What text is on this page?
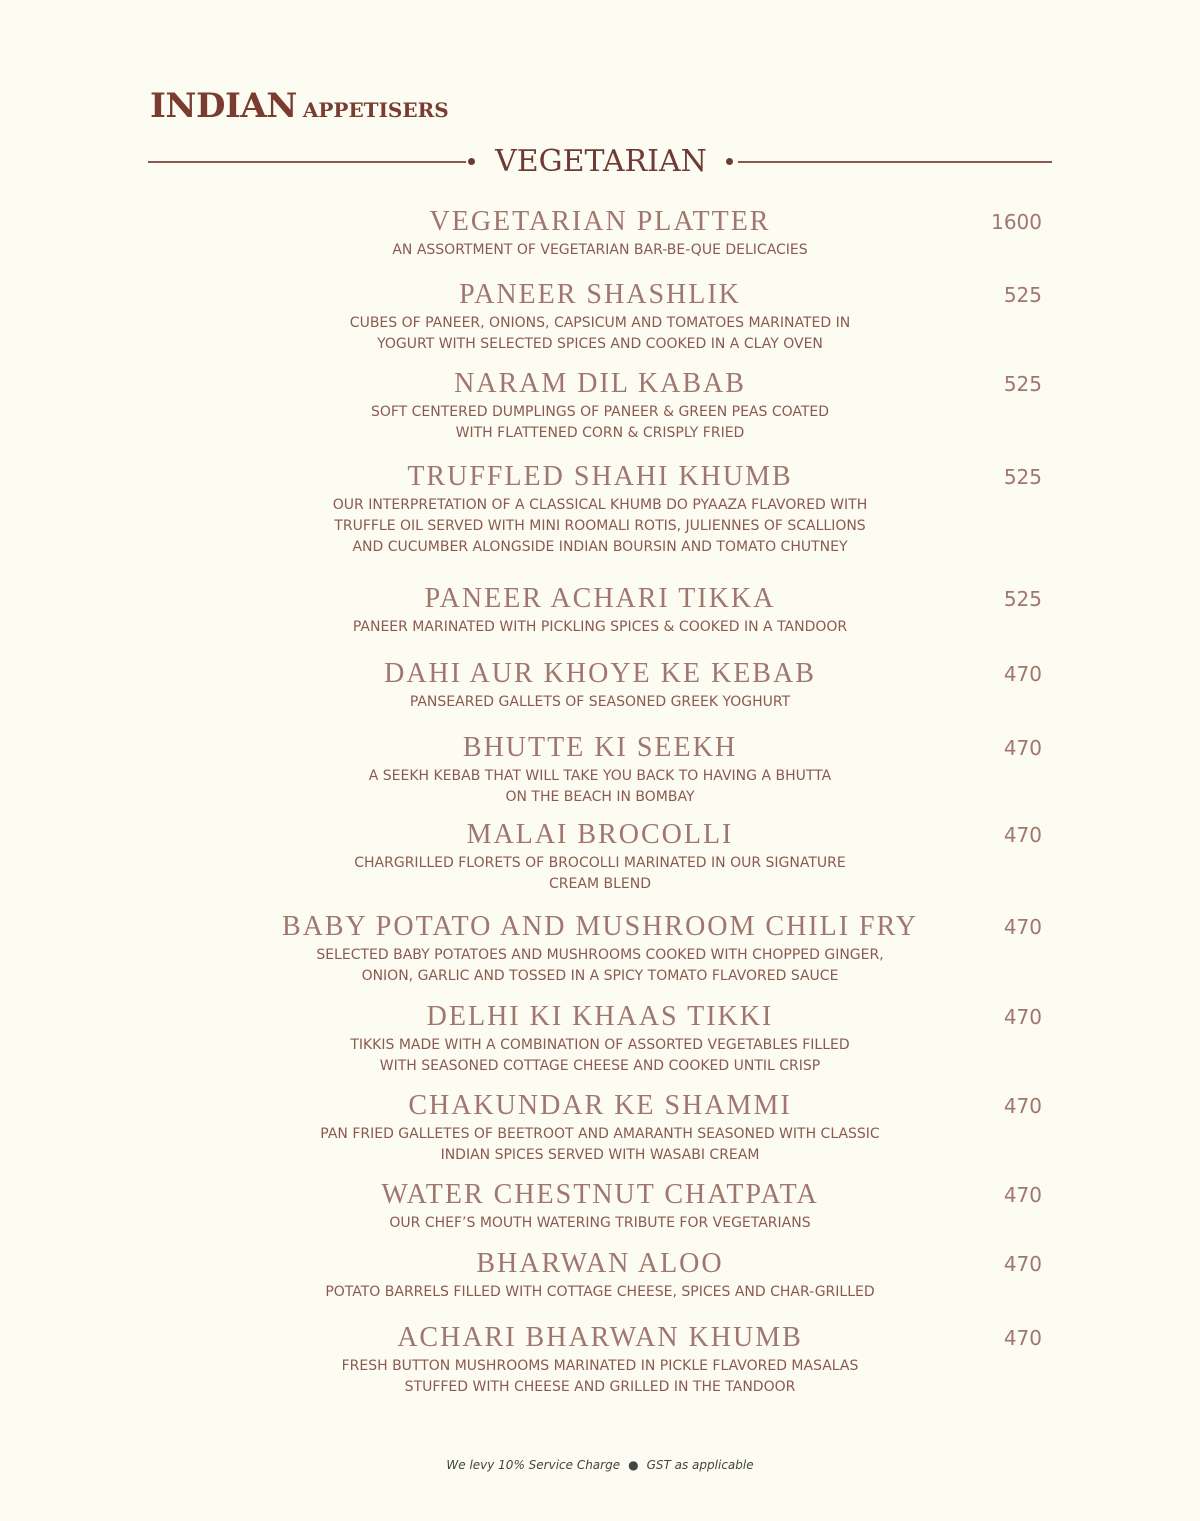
INDIAN APPETISERS
VEGETARIAN
VEGETARIAN PLATTER
AN ASSORTMENT OF VEGETARIAN BAR-BE-QUE DELICACIES
1600
PANEER SHASHLIK
CUBES OF PANEER, ONIONS, CAPSICUM AND TOMATOES MARINATED IN
YOGURT WITH SELECTED SPICES AND COOKED IN A CLAY OVEN
525
NARAM DIL KABAB
SOFT CENTERED DUMPLINGS OF PANEER & GREEN PEAS COATED
WITH FLATTENED CORN & CRISPLY FRIED
525
TRUFFLED SHAHI KHUMB
OUR INTERPRETATION OF A CLASSICAL KHUMB DO PYAAZA FLAVORED WITH
TRUFFLE OIL SERVED WITH MINI ROOMALI ROTIS, JULIENNES OF SCALLIONS
AND CUCUMBER ALONGSIDE INDIAN BOURSIN AND TOMATO CHUTNEY
525
PANEER ACHARI TIKKA
PANEER MARINATED WITH PICKLING SPICES & COOKED IN A TANDOOR
525
DAHI AUR KHOYE KE KEBAB
PANSEARED GALLETS OF SEASONED GREEK YOGHURT
470
BHUTTE KI SEEKH
A SEEKH KEBAB THAT WILL TAKE YOU BACK TO HAVING A BHUTTA
ON THE BEACH IN BOMBAY
470
MALAI BROCOLLI
CHARGRILLED FLORETS OF BROCOLLI MARINATED IN OUR SIGNATURE
CREAM BLEND
470
BABY POTATO AND MUSHROOM CHILI FRY
SELECTED BABY POTATOES AND MUSHROOMS COOKED WITH CHOPPED GINGER,
ONION, GARLIC AND TOSSED IN A SPICY TOMATO FLAVORED SAUCE
470
DELHI KI KHAAS TIKKI
TIKKIS MADE WITH A COMBINATION OF ASSORTED VEGETABLES FILLED
WITH SEASONED COTTAGE CHEESE AND COOKED UNTIL CRISP
470
CHAKUNDAR KE SHAMMI
PAN FRIED GALLETES OF BEETROOT AND AMARANTH SEASONED WITH CLASSIC
INDIAN SPICES SERVED WITH WASABI CREAM
470
WATER CHESTNUT CHATPATA
OUR CHEF’S MOUTH WATERING TRIBUTE FOR VEGETARIANS
470
BHARWAN ALOO
POTATO BARRELS FILLED WITH COTTAGE CHEESE, SPICES AND CHAR-GRILLED
470
ACHARI BHARWAN KHUMB
FRESH BUTTON MUSHROOMS MARINATED IN PICKLE FLAVORED MASALAS
STUFFED WITH CHEESE AND GRILLED IN THE TANDOOR
470
We levy 10% Service Charge ● GST as applicable
